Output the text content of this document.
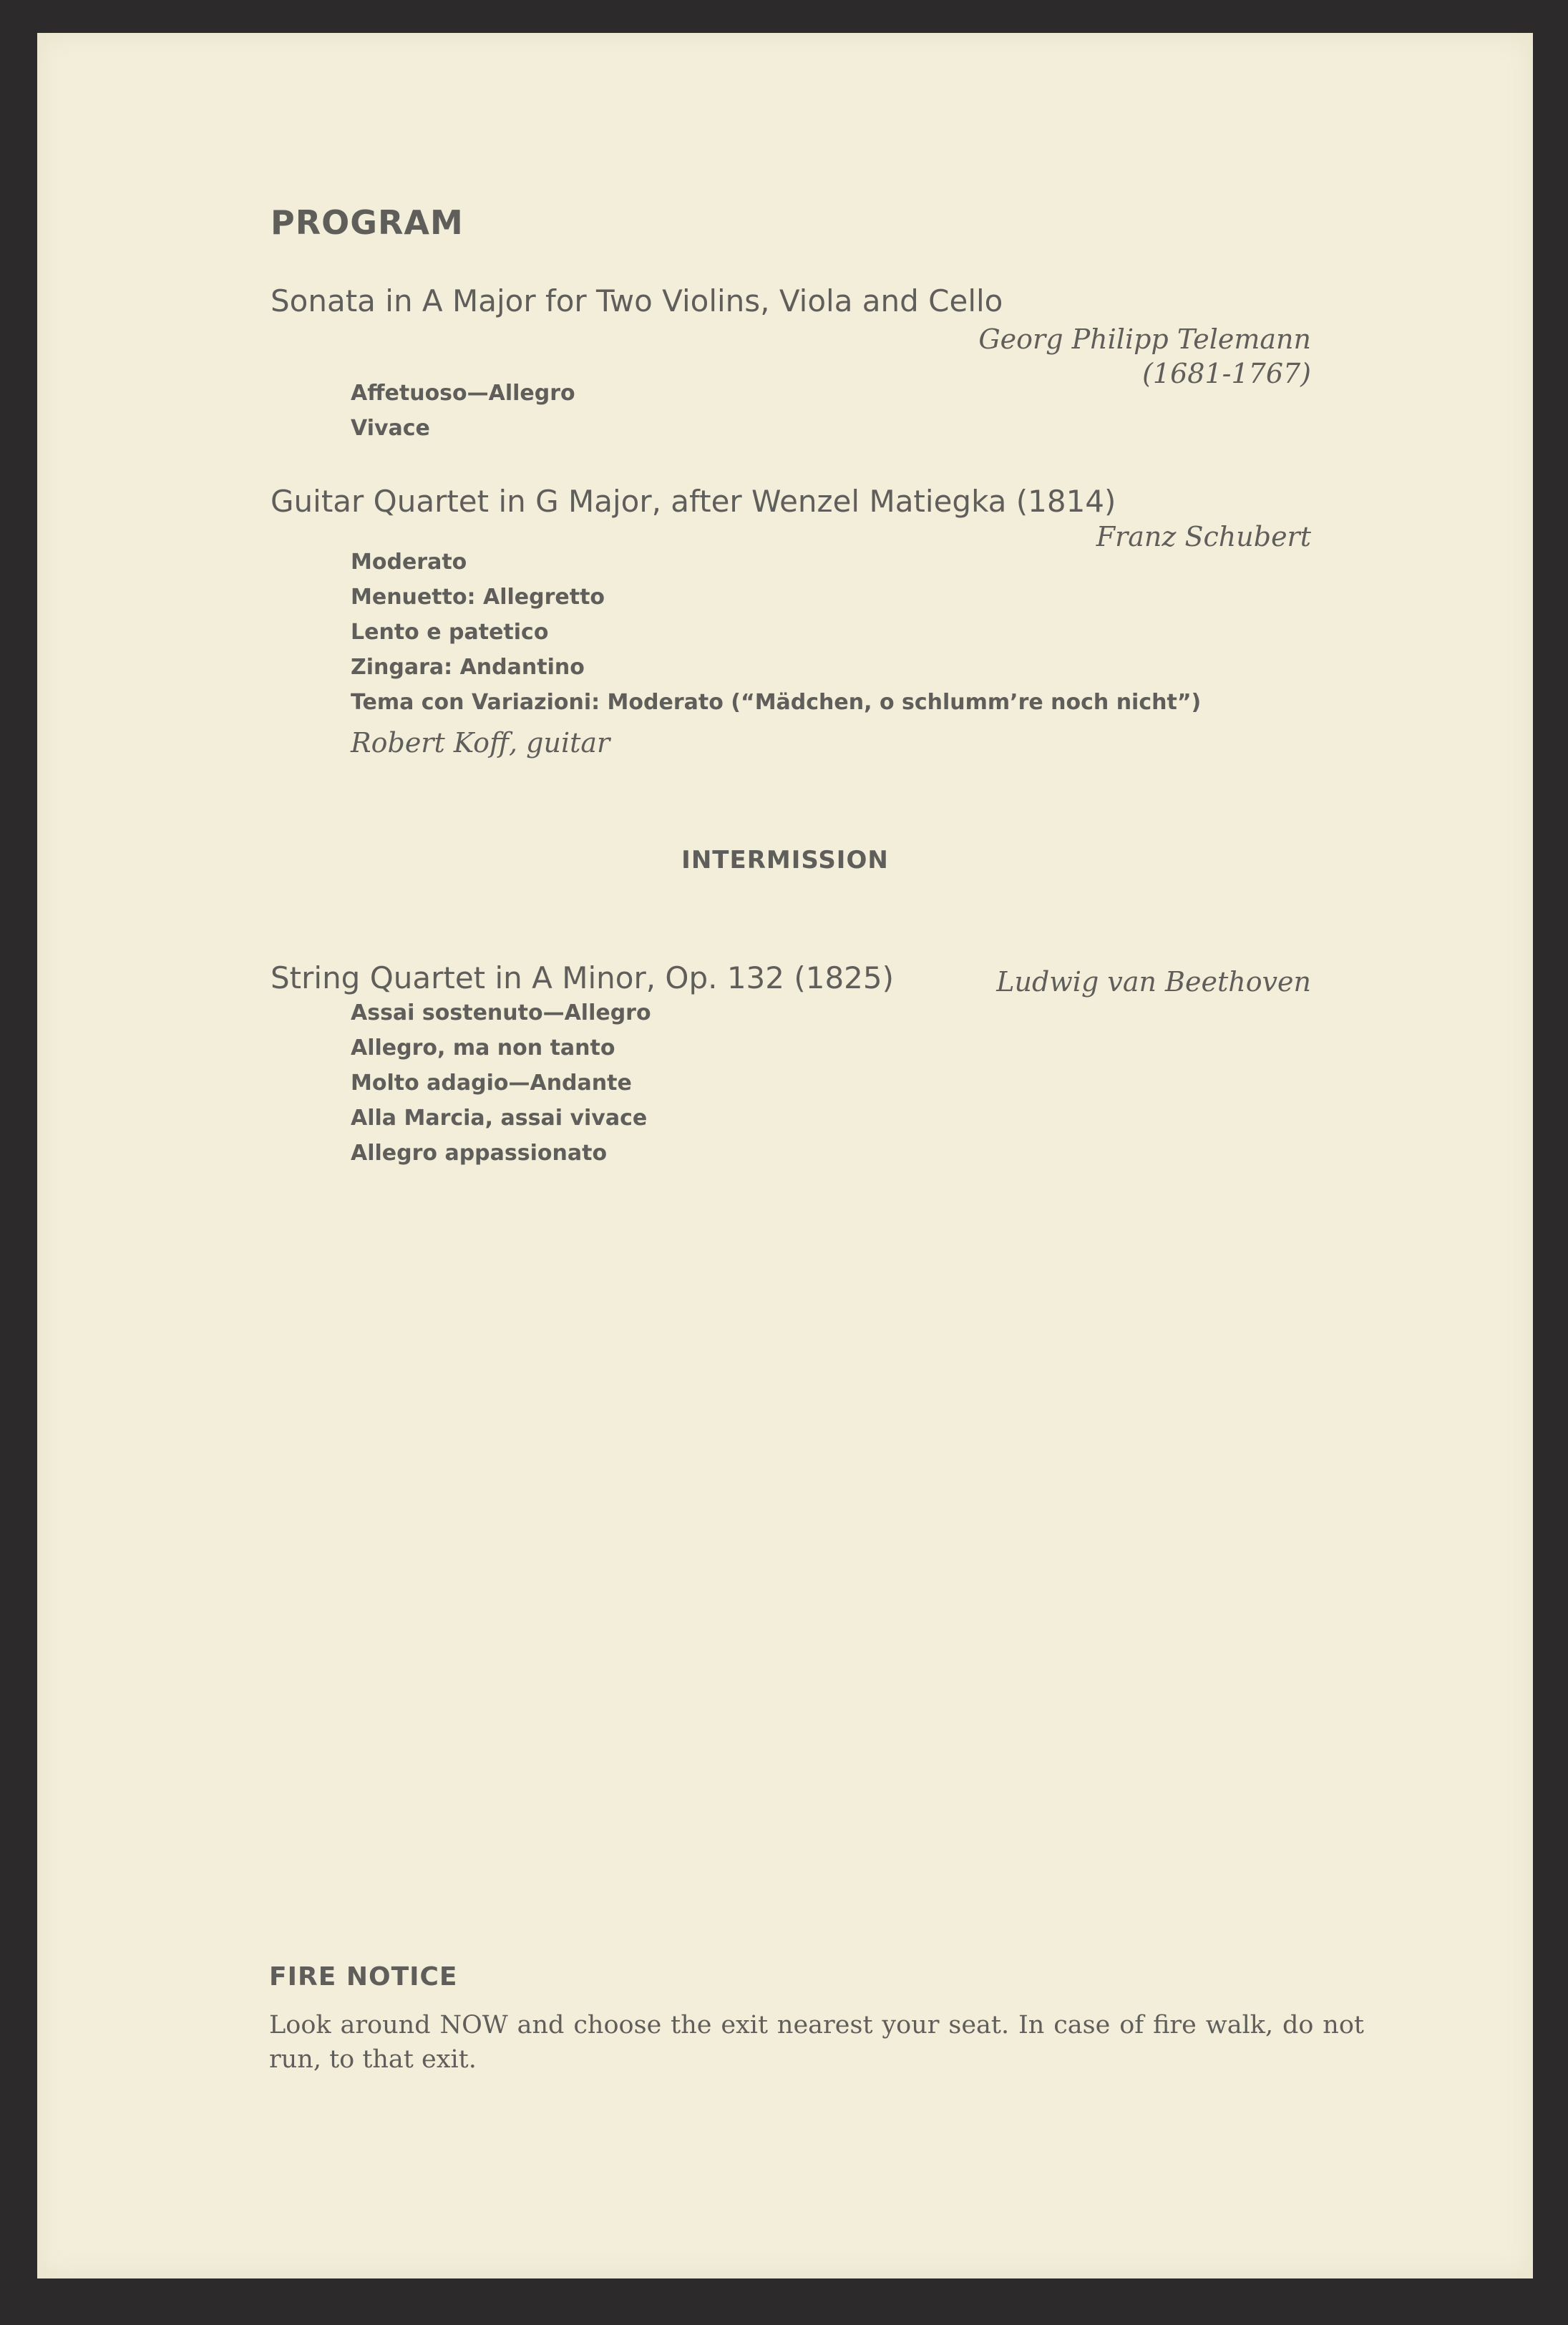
PROGRAM
Sonata in A Major for Two Violins, Viola and Cello
Georg Philipp Telemann
(1681-1767)
Affetuoso—Allegro
Vivace
Guitar Quartet in G Major, after Wenzel Matiegka (1814)
Franz Schubert
Moderato
Menuetto: Allegretto
Lento e patetico
Zingara: Andantino
Tema con Variazioni: Moderato (“Mädchen, o schlumm’re noch nicht”)
Robert Koff, guitar
INTERMISSION
String Quartet in A Minor, Op. 132 (1825)	Ludwig van Beethoven
Assai sostenuto—Allegro
Allegro, ma non tanto
Molto adagio—Andante
Alla Marcia, assai vivace
Allegro appassionato
FIRE NOTICE

Look around NOW and choose the exit nearest your seat. In case of fire walk, do not run, to that exit.
